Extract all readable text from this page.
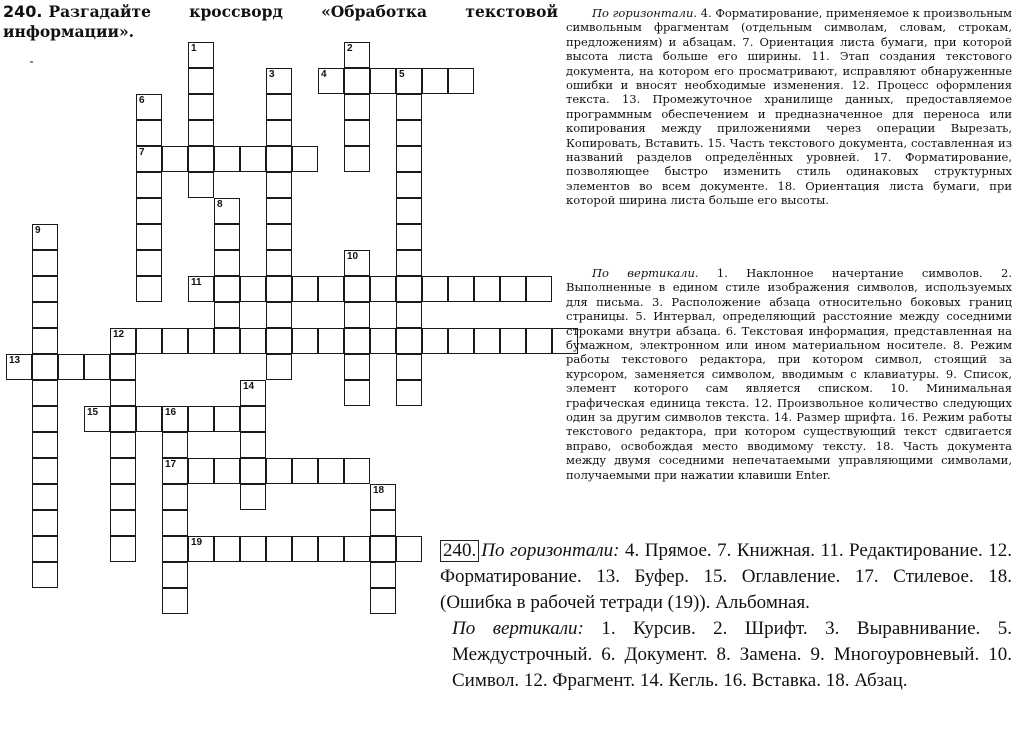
240. Разгадайте кроссворд «Обработка текстовой информации».
1	2
3	4	5
6
7
8
9
10
11
12
13
14
15	16
17
18
19

По горизонтали. 4. Форматирование, применяемое к произвольным символьным фрагментам (отдельным символам, словам, строкам, предложениям) и абзацам. 7. Ориентация листа бумаги, при которой высота листа больше его ширины. 11. Этап создания текстового документа, на котором его просматривают, исправляют обнаруженные ошибки и вносят необходимые изменения. 12. Процесс оформления текста. 13. Промежуточное хранилище данных, предоставляемое программным обеспечением и предназначенное для переноса или копирования между приложениями через операции Вырезать, Копировать, Вставить. 15. Часть текстового документа, составленная из названий разделов определённых уровней. 17. Форматирование, позволяющее быстро изменить стиль одинаковых структурных элементов во всем документе. 18. Ориентация листа бумаги, при которой ширина листа больше его высоты.

По вертикали. 1. Наклонное начертание символов. 2. Выполненные в едином стиле изображения символов, используемых для письма. 3. Расположение абзаца относительно боковых границ страницы. 5. Интервал, определяющий расстояние между соседними строками внутри абзаца. 6. Текстовая информация, представленная на бумажном, электронном или ином материальном носителе. 8. Режим работы текстового редактора, при котором символ, стоящий за курсором, заменяется символом, вводимым с клавиатуры. 9. Список, элемент которого сам является списком. 10. Минимальная графическая единица текста. 12. Произвольное количество следующих один за другим символов текста. 14. Размер шрифта. 16. Режим работы текстового редактора, при котором существующий текст сдвигается вправо, освобождая место вводимому тексту. 18. Часть документа между двумя соседними непечатаемыми управляющими символами, получаемыми при нажатии клавиши Enter.

240. По горизонтали: 4. Прямое. 7. Книжная. 11. Редактирование. 12. Форматирование. 13. Буфер. 15. Оглавление. 17. Стилевое. 18.(Ошибка в рабочей тетради (19)). Альбомная.

По вертикали: 1. Курсив. 2. Шрифт. 3. Выравнивание. 5. Междустрочный. 6. Документ. 8. Замена. 9. Многоуровневый. 10. Символ. 12. Фрагмент. 14. Кегль. 16. Вставка. 18. Абзац.
